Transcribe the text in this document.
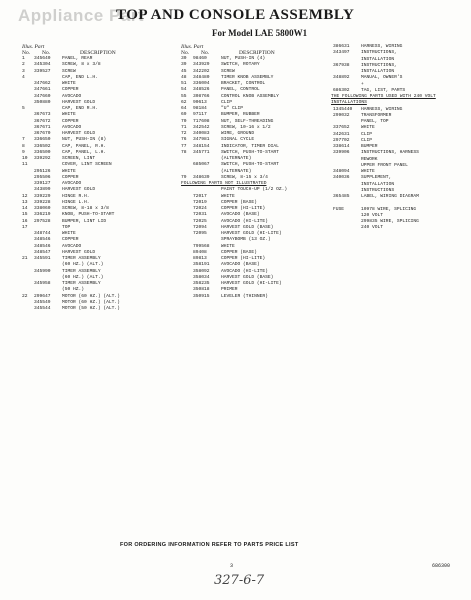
Appliance Part
TOP AND CONSOLE ASSEMBLY
For Model LAE 5800W1
Illus. Part
No. No.	DESCRIPTION
1 345640 PANEL, REAR
2 345304 SCREW, 8 x 3/8
3 339527 SCREW
4	CAP, END L.H.
347662 WHITE
347661 COPPER
347660 AVOCADO
350880 HARVEST GOLD
5	CAP, END R.H.
367673 WHITE
367672 COPPER
367671 AVOCADO
367670 HARVEST GOLD
7 336650 NUT, PUSH-IN (8)
8 336502 CAP, PANEL, R.H.
9 336500 CAP, PANEL, L.H.
10 339292 SCREEN, LINT
11	COVER, LINT SCREEN
295126 WHITE
295506 COPPER
339127 AVOCADO
343899 HARVEST GOLD
12 339229 HINGE R.H.
13 339228 HINGE L.H.
14 338060 SCREW, 8-18 x 3/8
15 336219 KNOB, PUSH-TO-START
16 297528 BUMPER, LINT LID
17	TOP
348744 WHITE
348546 COPPER
348546 AVOCADO
348547 HARVEST GOLD
21 345591 TIMER ASSEMBLY
(60 HZ.) (ALT.)
345990 TIMER ASSEMBLY
(60 HZ.) (ALT.)
345958 TIMER ASSEMBLY
(50 HZ.)
22 299647 MOTOR (60 HZ.) (ALT.)
345549 MOTOR (60 HZ.) (ALT.)
345544 MOTOR (50 HZ.) (ALT.)
Illus. Part
No. No.	DESCRIPTION
30 98460	NUT, PUSH-IN (4)
39 343929 SWITCH, ROTARY
45 342202 SCREW
48 348480 TIMER KNOB ASSEMBLY
51 336004 BRACKET, CONTROL
54 348526 PANEL, CONTROL
55 308766 CONTROL KNOB ASSEMBLY
62 90613	CLIP
64 98184	"U" CLIP
69 97117	BUMPER, RUBBER
70 717608 NUT, SELF-THREADING
71 342542 SCREW, 10-16 x 1/2
72 340083 WIRE, GROUND
76 347981 SIGNAL CYCLE
77 348154 INDICATOR, TIMER DIAL
78 345771 SWITCH, PUSH-TO-START
(ALTERNATE)
685067 SWITCH, PUSH-TO-START
(ALTERNATE)
79 348639 SCREW, 8-15 x 3/4
FOLLOWING PARTS NOT ILLUSTRATED
PAINT TOUCH-UP (1/2 OZ.)
72017	WHITE
72019	COPPER (BASE)
72024	COPPER (HI-LITE)
72031	AVOCADO (BASE)
72025	AVOCADO (HI-LITE)
72094	HARVEST GOLD (BASE)
72095	HARVEST GOLD (HI-LITE)
SPRAYBOMB (13 OZ.)
799568 WHITE
89408	COPPER (BASE)
89813	COPPER (HI-LITE)
358191 AVOCADO (BASE)
358092 AVOCADO (HI-LITE)
358034 HARVEST GOLD (BASE)
358235 HARVEST GOLD (HI-LITE)
350818 PRIMER
350915 LEVELER (THINNER)
386631 HARNESS, WIRING
343497 INSTRUCTIONS,
INSTALLATION
367938 INSTRUCTIONS,
INSTALLATION
348892 MANUAL, OWNER'S
+
686302 TAG, LIST, PARTS
THE FOLLOWING PARTS USED WITH 240 VOLT INSTALLATIONS
1345440 HARNESS, WIRING
299032 TRANSFORMER
PANEL, TOP
337652 WHITE
342631 CLIP
297702 CLIP
338614 BUMPER
339906 INSTRUCTIONS, HARNESS
REWORK
UPPER FRONT PANEL
348094 WHITE
340036 SUPPLEMENT,
INSTALLATION
INSTRUCTIONS
365485 LABEL, WIRING DIAGRAM
FUSE	10978 WIRE, SPLICING
120 VOLT
299835 WIRE, SPLICING
240 VOLT
FOR ORDERING INFORMATION REFER TO PARTS PRICE LIST
3	686300
327-6-7
